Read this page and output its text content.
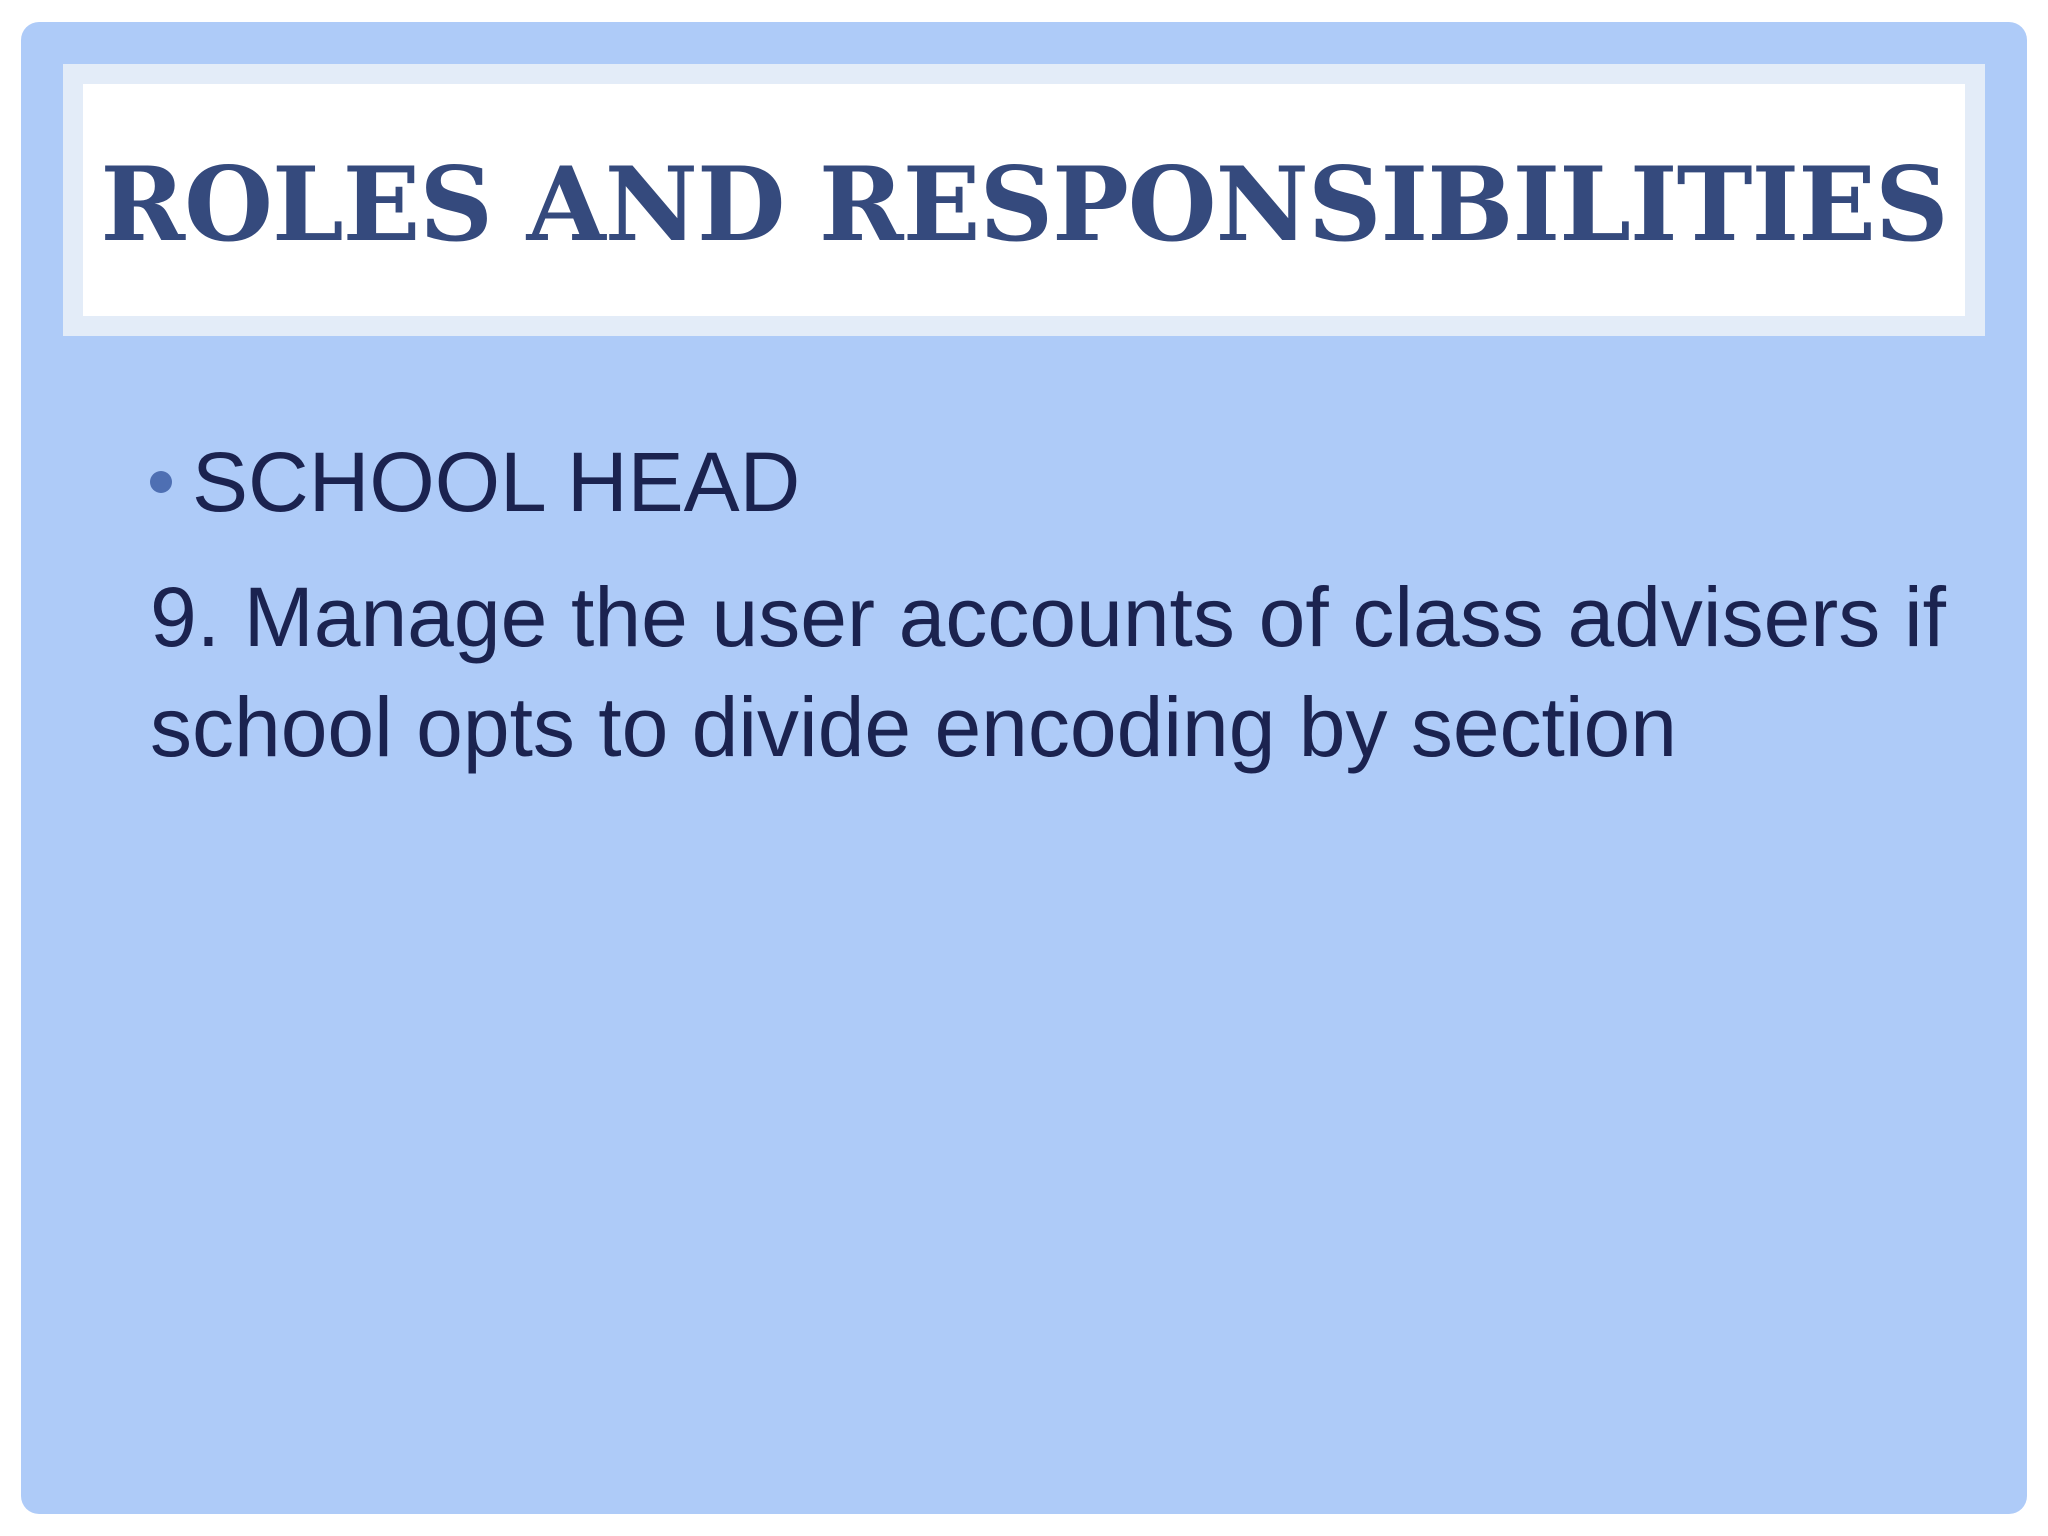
ROLES AND RESPONSIBILITIES
SCHOOL HEAD

9. Manage the user accounts of class advisers if school opts to divide encoding by section
